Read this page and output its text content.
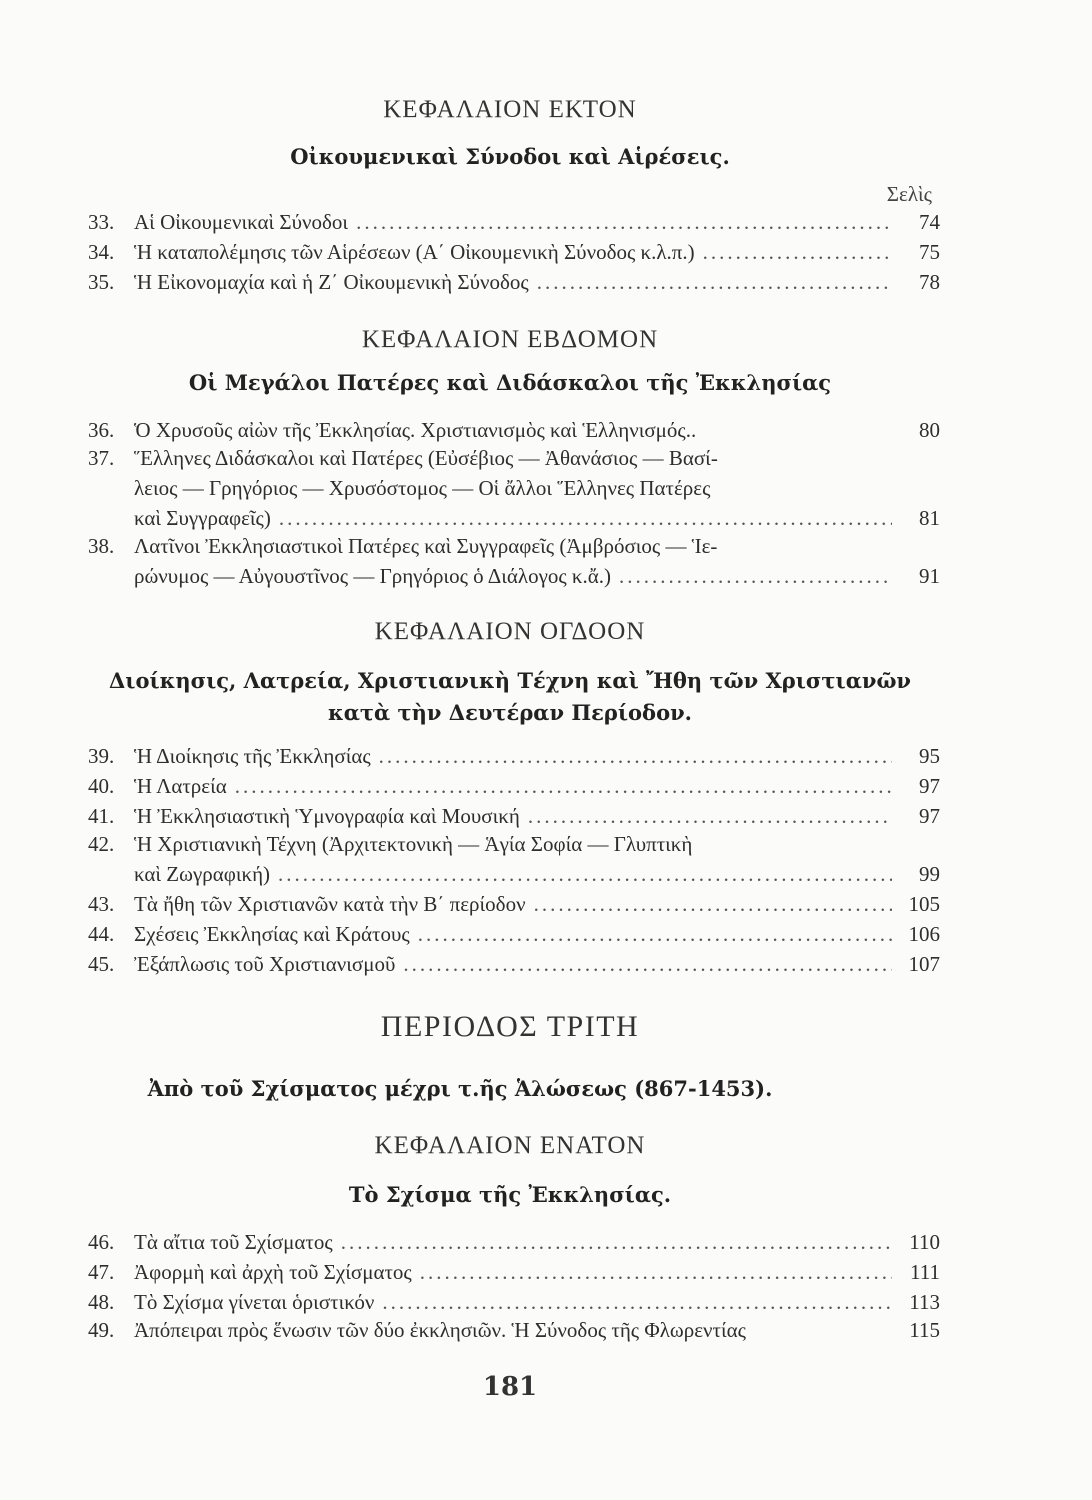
ΚΕΦΑΛΑΙΟΝ ΕΚΤΟΝ
Οἰκουμενικαὶ Σύνοδοι καὶ Αἱρέσεις.
Σελὶς
33. Αἱ Οἰκουμενικαὶ Σύνοδοι .....	74
34. Ἡ καταπολέμησις τῶν Αἱρέσεων (Α΄ Οἰκουμενικὴ Σύνοδος κ.λ.π.) .....	75
35. Ἡ Εἰκονομαχία καὶ ἡ Ζ΄ Οἰκουμενικὴ Σύνοδος .....	78
ΚΕΦΑΛΑΙΟΝ ΕΒΔΟΜΟΝ
Οἱ Μεγάλοι Πατέρες καὶ Διδάσκαλοι τῆς Ἐκκλησίας
36. Ὁ Χρυσοῦς αἰὼν τῆς Ἐκκλησίας. Χριστιανισμὸς καὶ Ἑλληνισμός..	80
37. Ἕλληνες Διδάσκαλοι καὶ Πατέρες (Εὐσέβιος — Ἀθανάσιος — Βασί-
λειος — Γρηγόριος — Χρυσόστομος — Οἱ ἄλλοι Ἕλληνες Πατέρες
καὶ Συγγραφεῖς) .....	81
38. Λατῖνοι Ἐκκλησιαστικοὶ Πατέρες καὶ Συγγραφεῖς (Ἀμβρόσιος — Ἱε-
ρώνυμος — Αὐγουστῖνος — Γρηγόριος ὁ Διάλογος κ.ἄ.) .....	91
ΚΕΦΑΛΑΙΟΝ ΟΓΔΟΟΝ
Διοίκησις, Λατρεία, Χριστιανικὴ Τέχνη καὶ Ἤθη τῶν Χριστιανῶν
κατὰ τὴν Δευτέραν Περίοδον.
39. Ἡ Διοίκησις τῆς Ἐκκλησίας .....	95
40. Ἡ Λατρεία .....	97
41. Ἡ Ἐκκλησιαστικὴ Ὑμνογραφία καὶ Μουσική .....	97
42. Ἡ Χριστιανικὴ Τέχνη (Ἀρχιτεκτονικὴ — Ἁγία Σοφία — Γλυπτικὴ
καὶ Ζωγραφική) .....	99
43. Τὰ ἤθη τῶν Χριστιανῶν κατὰ τὴν Β΄ περίοδον .....	105
44. Σχέσεις Ἐκκλησίας καὶ Κράτους .....	106
45. Ἐξάπλωσις τοῦ Χριστιανισμοῦ .....	107
ΠΕΡΙΟΔΟΣ ΤΡΙΤΗ
Ἀπὸ τοῦ Σχίσματος μέχρι τ.ῆς Ἁλώσεως (867-1453).
ΚΕΦΑΛΑΙΟΝ ΕΝΑΤΟΝ
Τὸ Σχίσμα τῆς Ἐκκλησίας.
46. Τὰ αἴτια τοῦ Σχίσματος .....	110
47. Ἀφορμὴ καὶ ἀρχὴ τοῦ Σχίσματος .....	111
48. Τὸ Σχίσμα γίνεται ὁριστικόν .....	113
49. Ἀπόπειραι πρὸς ἕνωσιν τῶν δύο ἐκκλησιῶν. Ἡ Σύνοδος τῆς Φλωρεντίας	115
181
